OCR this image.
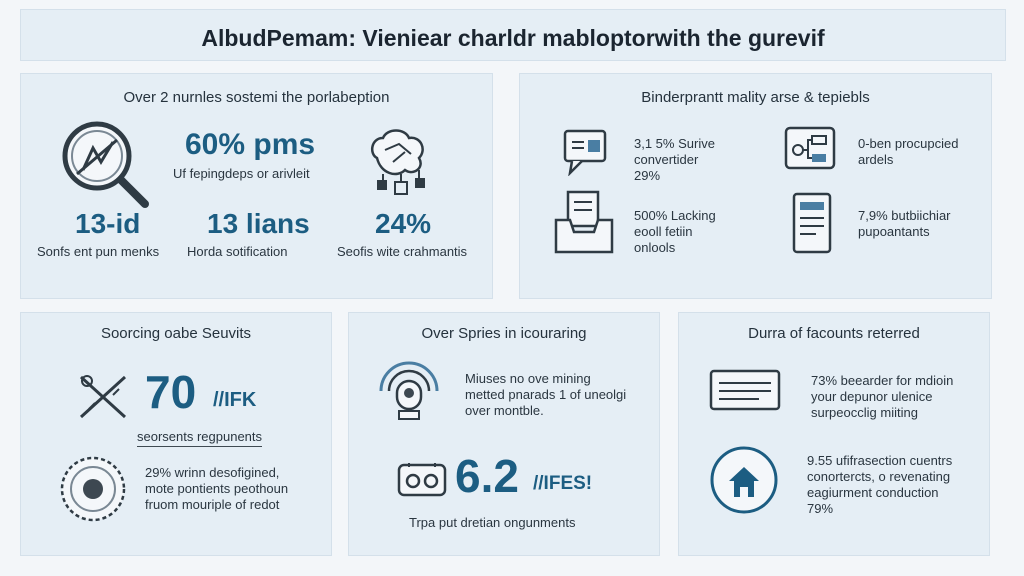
AlbudPemam: Vieniear charldr mabloptorwith the gurevif
Over 2 nurnles sostemi the porlabeption
60% pms
Uf fepingdeps or arivleit
13-id
Sonfs ent pun menks
13 lians
Horda sotification
24%
Seofis wite crahmantis
Binderprantt mality arse & tepiebls
3,1 5% Surive
convertider
29%
0-ben procupcied
ardels
500% Lacking
eooll fetiin
onlools
7,9% butbiichiar
pupoantants
Soorcing oabe Seuvits
70 //IFK
seorsents regpunents
29% wrinn desofigined,
mote pontients peothoun
fruom mouriple of redot
Over Spries in icouraring
Miuses no ove mining
metted pnarads 1 of uneolgi
over montble.
6.2 //IFES!
Trpa put dretian ongunments
Durra of facounts reterred
73% beearder for mdioin
your depunor ulenice
surpeocclig miiting
9.55 ufifrasection cuentrs
conortercts, o revenating
eagiurment conduction
79%
